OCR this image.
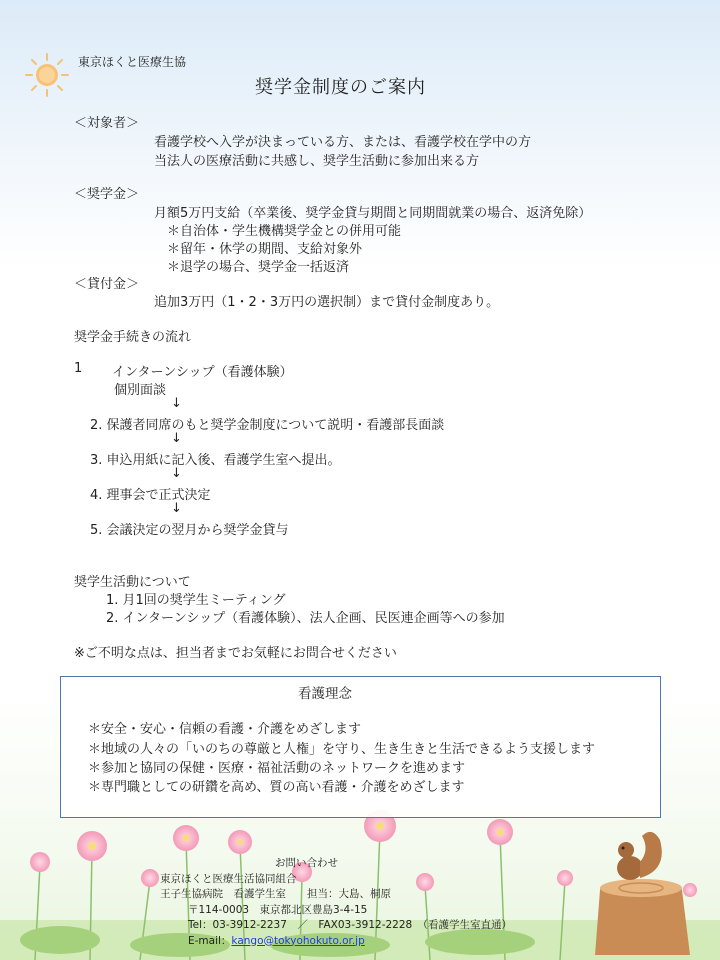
東京ほくと医療生協
奨学金制度のご案内
＜対象者＞
看護学校へ入学が決まっている方、または、看護学校在学中の方
当法人の医療活動に共感し、奨学生活動に参加出来る方
＜奨学金＞
月額5万円支給（卒業後、奨学金貸与期間と同期間就業の場合、返済免除）
＊自治体・学生機構奨学金との併用可能
＊留年・休学の期間、支給対象外
＊退学の場合、奨学金一括返済
＜貸付金＞
追加3万円（1・2・3万円の選択制）まで貸付金制度あり。
奨学金手続きの流れ
1 インターンシップ（看護体験）
個別面談
↓
2. 保護者同席のもと奨学金制度について説明・看護部長面談
↓
3. 申込用紙に記入後、看護学生室へ提出。
↓
4. 理事会で正式決定
↓
5. 会議決定の翌月から奨学金貸与
奨学生活動について
1. 月1回の奨学生ミーティング
2. インターンシップ（看護体験）、法人企画、民医連企画等への参加
※ご不明な点は、担当者までお気軽にお問合せください
看護理念
＊安全・安心・信頼の看護・介護をめざします
＊地域の人々の「いのちの尊厳と人権」を守り、生き生きと生活できるよう支援します
＊参加と協同の保健・医療・福祉活動のネットワークを進めます
＊専門職としての研鑽を高め、質の高い看護・介護をめざします
お問い合わせ
東京ほくと医療生活協同組合
王子生協病院　看護学生室　　担当：大島、桐原
〒114-0003　東京都北区豊島3-4-15
Tel：03-3912-2237　／　FAX03-3912-2228　（看護学生室直通）
E-mail：kango@tokyohokuto.or.jp
